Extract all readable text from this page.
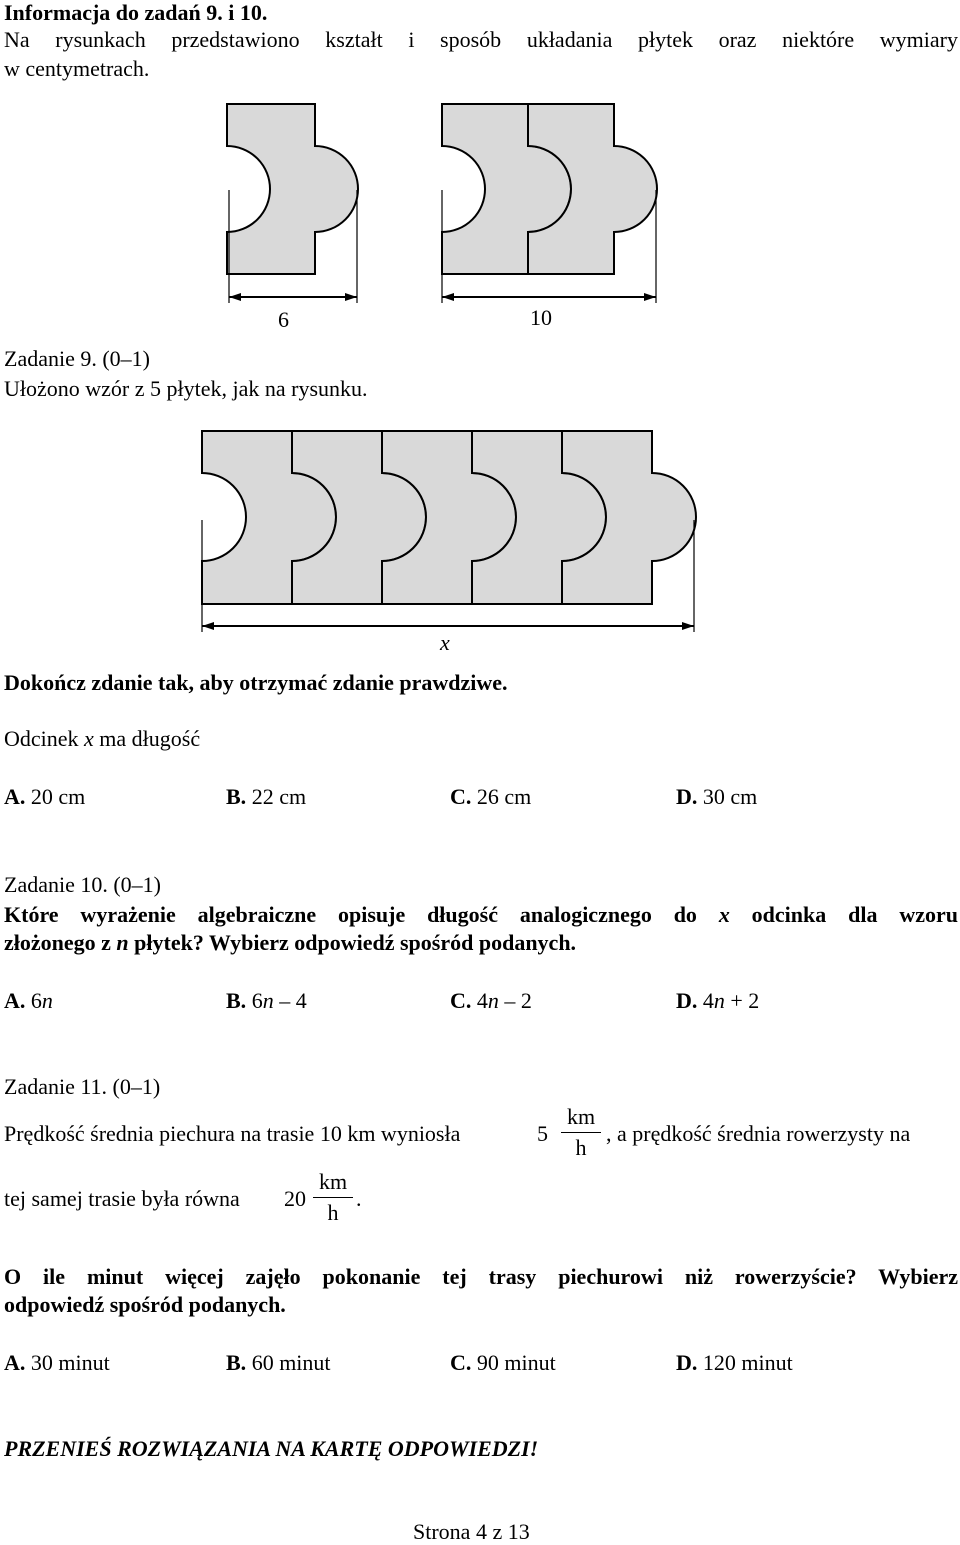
Informacja do zadań 9. i 10.
Na rysunkach przedstawiono kształt i sposób układania płytek oraz niektóre wymiary
w centymetrach.
6	10
Zadanie 9. (0–1)
Ułożono wzór z 5 płytek, jak na rysunku.
x
Dokończ zdanie tak, aby otrzymać zdanie prawdziwe.
Odcinek x ma długość
A. 20 cm	B. 22 cm	C. 26 cm	D. 30 cm
Zadanie 10. (0–1)
Które wyrażenie algebraiczne opisuje długość analogicznego do x odcinka dla wzoru
złożonego z n płytek? Wybierz odpowiedź spośród podanych.
A. 6n	B. 6n – 4	C. 4n – 2	D. 4n + 2
Zadanie 11. (0–1)
Prędkość średnia piechura na trasie 10 km wyniosła	5
km
h
, a prędkość średnia rowerzysty na
tej samej trasie była równa 20
km
h
.
O ile minut więcej zajęło pokonanie tej trasy piechurowi niż rowerzyście? Wybierz
odpowiedź spośród podanych.
A. 30 minut	B. 60 minut	C. 90 minut	D. 120 minut
PRZENIEŚ ROZWIĄZANIA NA KARTĘ ODPOWIEDZI!
Strona 4 z 13
